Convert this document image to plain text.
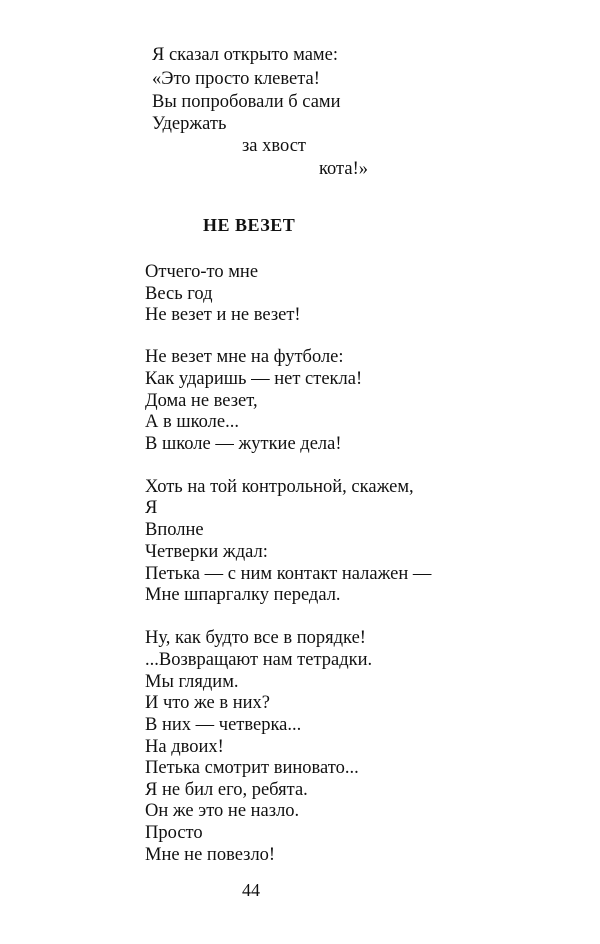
Я сказал открыто маме:
«Это просто клевета!
Вы попробовали б сами
Удержать
за хвост
кота!»
НЕ ВЕЗЕТ
Отчего-то мне
Весь год
Не везет и не везет!
Не везет мне на футболе:
Как ударишь — нет стекла!
Дома не везет,
А в школе...
В школе — жуткие дела!
Хоть на той контрольной, скажем,
Я
Вполне
Четверки ждал:
Петька — с ним контакт налажен —
Мне шпаргалку передал.
Ну, как будто все в порядке!
...Возвращают нам тетрадки.
Мы глядим.
И что же в них?
В них — четверка...
На двоих!
Петька смотрит виновато...
Я не бил его, ребята.
Он же это не назло.
Просто
Мне не повезло!
44
